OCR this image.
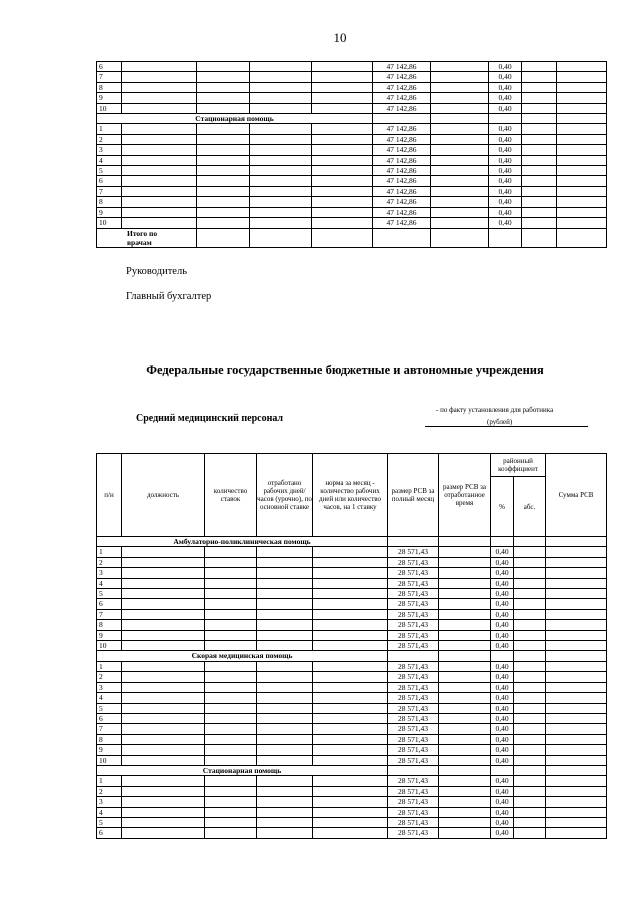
10
6					47 142,86		0,40		
7					47 142,86		0,40		
8					47 142,86		0,40		
9					47 142,86		0,40		
10					47 142,86		0,40		
Стационарная помощь									
1					47 142,86		0,40		
2					47 142,86		0,40		
3					47 142,86		0,40		
4					47 142,86		0,40		
5					47 142,86		0,40		
6					47 142,86		0,40		
7					47 142,86		0,40		
8					47 142,86		0,40		
9					47 142,86		0,40		
10					47 142,86		0,40		

Итого по
врачам									

Руководитель
Главный бухгалтер
Федеральные государственные бюджетные и автономные учреждения
Средний медицинский персонал
- по факту установления для работника
(рублей)
п/н	должность	количество ставок	отработано рабочих дней/ часов (урочно), по основной ставке	норма за месяц - количество рабочих дней или количество часов, на 1 ставку	размер РСВ за полный месяц	размер РСВ за отработанное время	районный коэффициент		Сумма РСВ
							%	абс.	
Амбулаторно-поликлиническая помощь									
1					28 571,43		0,40		
2					28 571,43		0,40		
3					28 571,43		0,40		
4					28 571,43		0,40		
5					28 571,43		0,40		
6					28 571,43		0,40		
7					28 571,43		0,40		
8					28 571,43		0,40		
9					28 571,43		0,40		
10					28 571,43		0,40		
Скорая медицинская помощь									
1					28 571,43		0,40		
2					28 571,43		0,40		
3					28 571,43		0,40		
4					28 571,43		0,40		
5					28 571,43		0,40		
6					28 571,43		0,40		
7					28 571,43		0,40		
8					28 571,43		0,40		
9					28 571,43		0,40		
10					28 571,43		0,40		
Стационарная помощь									
1					28 571,43		0,40		
2					28 571,43		0,40		
3					28 571,43		0,40		
4					28 571,43		0,40		
5					28 571,43		0,40		
6					28 571,43		0,40		
